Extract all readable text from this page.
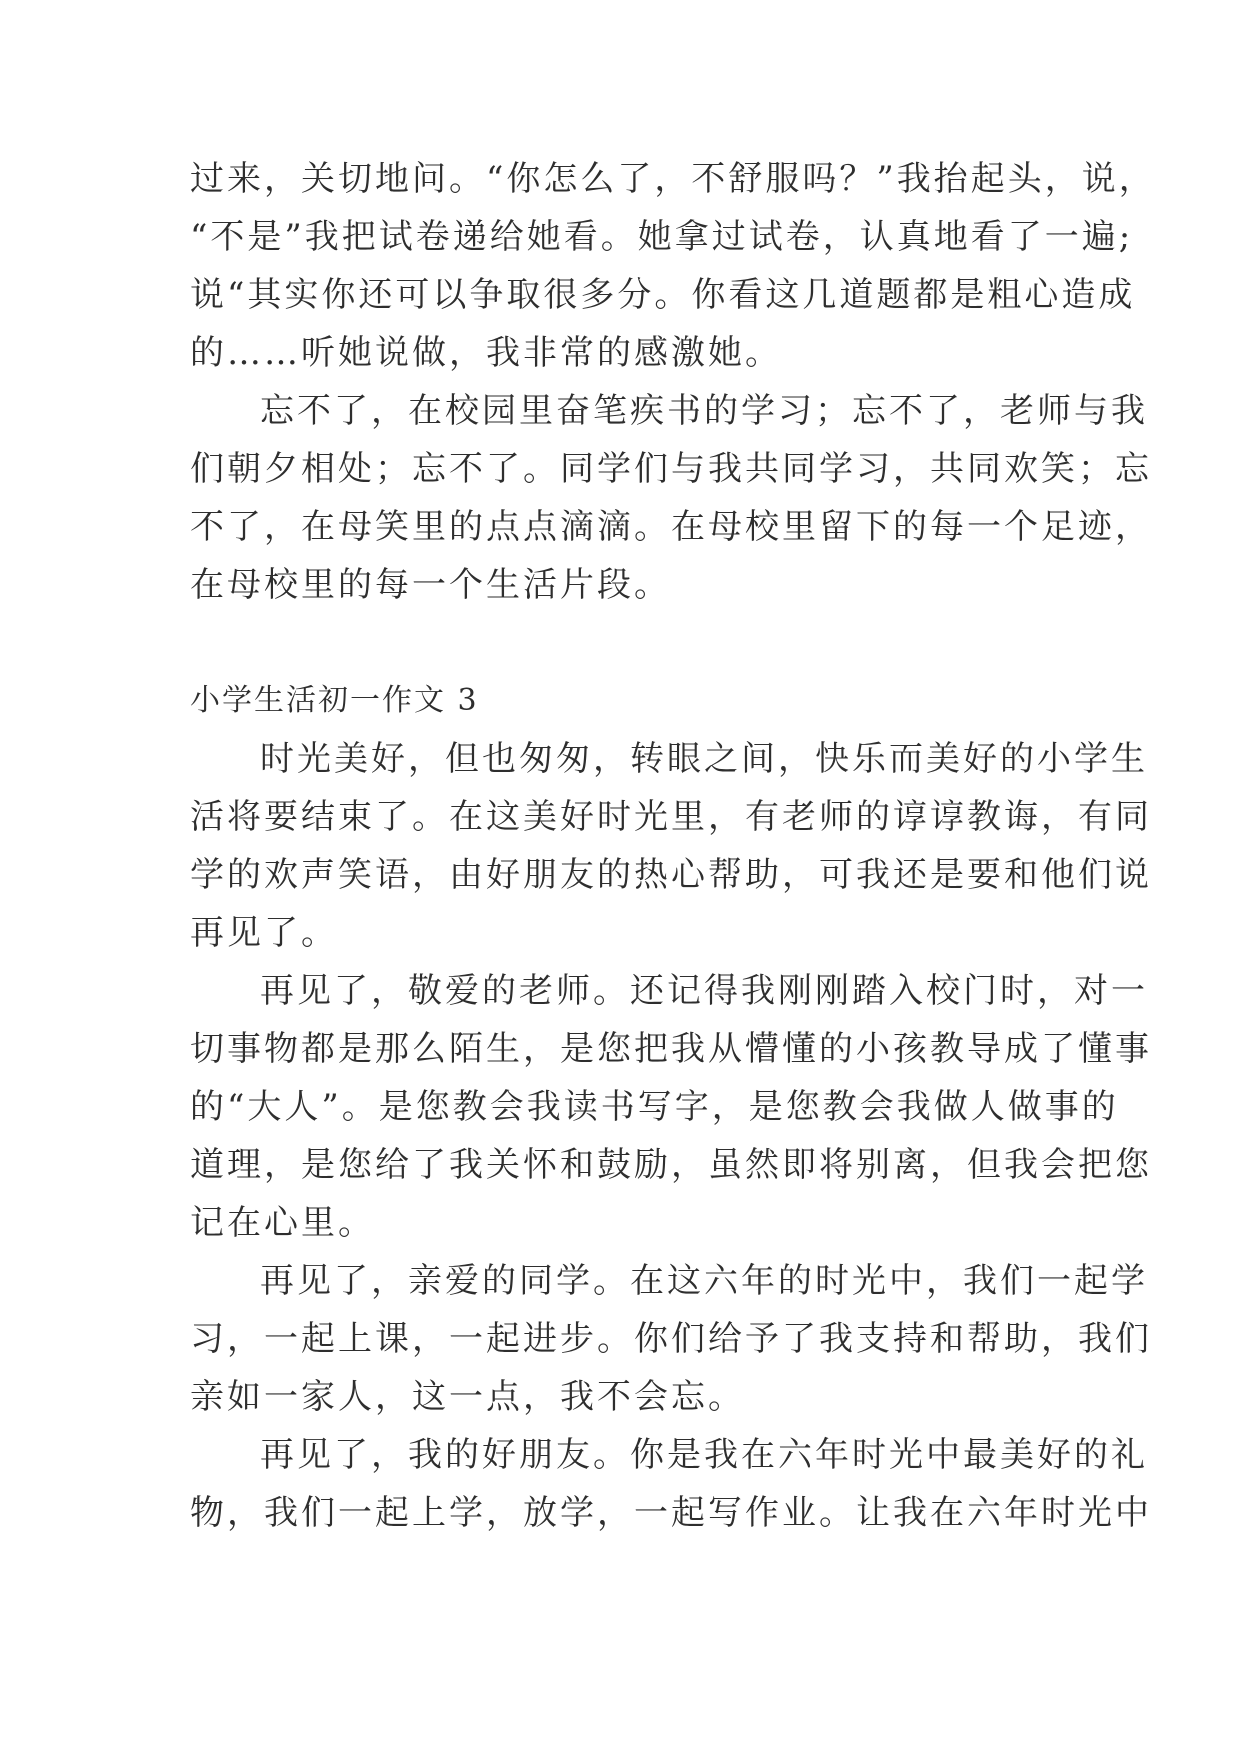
过来，关切地问。“你怎么了，不舒服吗？”我抬起头，说，
“不是”我把试卷递给她看。她拿过试卷，认真地看了一遍;
说“其实你还可以争取很多分。你看这几道题都是粗心造成
的……听她说做，我非常的感激她。
忘不了，在校园里奋笔疾书的学习；忘不了，老师与我
们朝夕相处；忘不了。同学们与我共同学习，共同欢笑；忘
不了，在母笑里的点点滴滴。在母校里留下的每一个足迹，
在母校里的每一个生活片段。
小学生活初一作文 3
时光美好，但也匆匆，转眼之间，快乐而美好的小学生
活将要结束了。在这美好时光里，有老师的谆谆教诲，有同
学的欢声笑语，由好朋友的热心帮助，可我还是要和他们说
再见了。
再见了，敬爱的老师。还记得我刚刚踏入校门时，对一
切事物都是那么陌生，是您把我从懵懂的小孩教导成了懂事
的“大人”。是您教会我读书写字，是您教会我做人做事的
道理，是您给了我关怀和鼓励，虽然即将别离，但我会把您
记在心里。
再见了，亲爱的同学。在这六年的时光中，我们一起学
习，一起上课，一起进步。你们给予了我支持和帮助，我们
亲如一家人，这一点，我不会忘。
再见了，我的好朋友。你是我在六年时光中最美好的礼
物，我们一起上学，放学，一起写作业。让我在六年时光中
